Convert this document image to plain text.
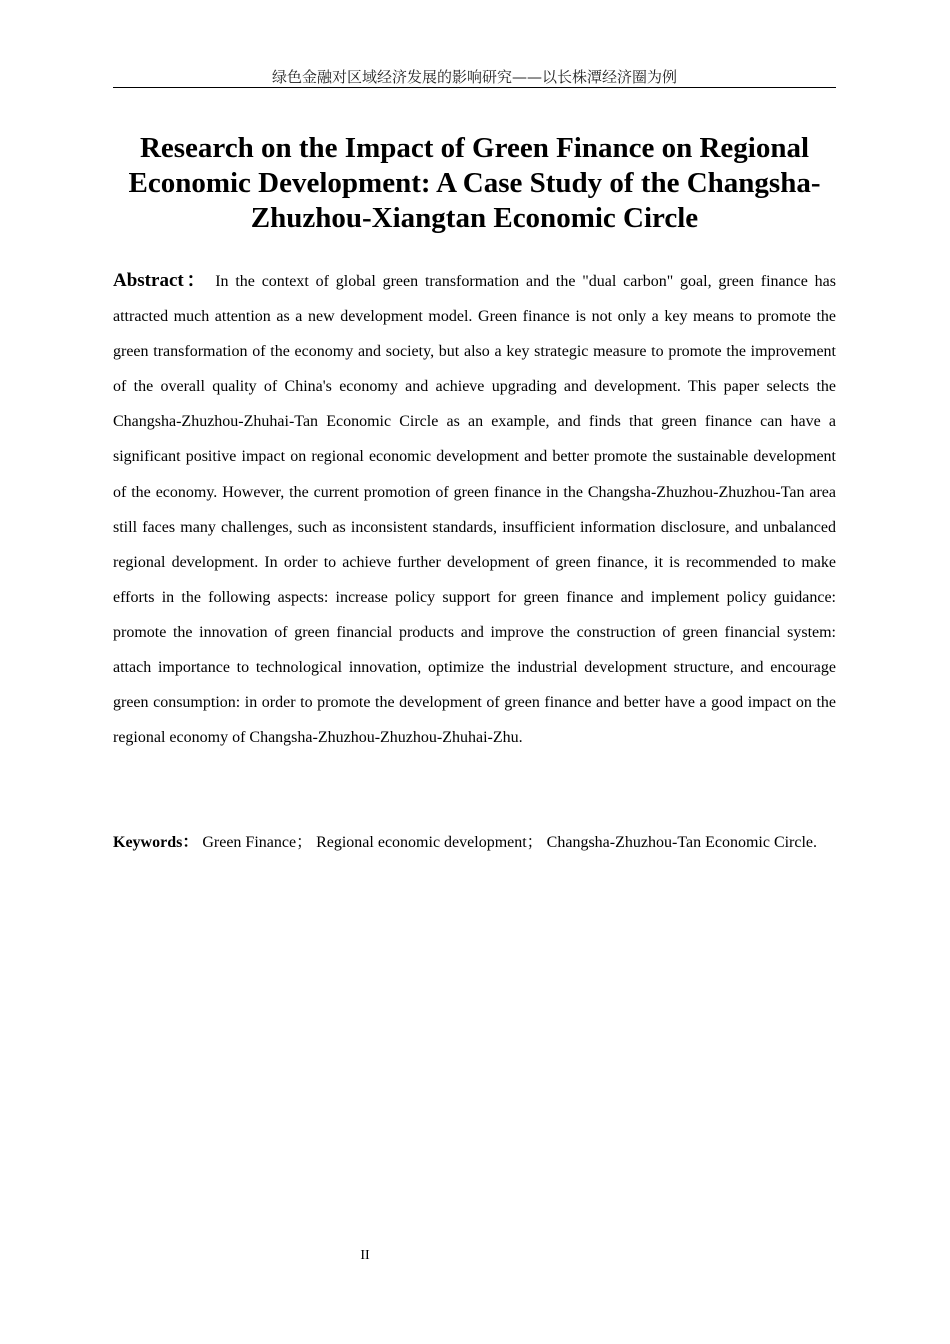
绿色金融对区域经济发展的影响研究——以长株潭经济圈为例
Research on the Impact of Green Finance on Regional Economic Development: A Case Study of the Changsha-Zhuzhou-Xiangtan Economic Circle

Abstract： In the context of global green transformation and the "dual carbon" goal, green finance has attracted much attention as a new development model. Green finance is not only a key means to promote the green transformation of the economy and society, but also a key strategic measure to promote the improvement of the overall quality of China's economy and achieve upgrading and development. This paper selects the Changsha-Zhuzhou-Zhuhai-Tan Economic Circle as an example, and finds that green finance can have a significant positive impact on regional economic development and better promote the sustainable development of the economy. However, the current promotion of green finance in the Changsha-Zhuzhou-Zhuzhou-Tan area still faces many challenges, such as inconsistent standards, insufficient information disclosure, and unbalanced regional development. In order to achieve further development of green finance, it is recommended to make efforts in the following aspects: increase policy support for green finance and implement policy guidance: promote the innovation of green financial products and improve the construction of green financial system: attach importance to technological innovation, optimize the industrial development structure, and encourage green consumption: in order to promote the development of green finance and better have a good impact on the regional economy of Changsha-Zhuzhou-Zhuzhou-Zhuhai-Zhu.

Keywords： Green Finance； Regional economic development； Changsha-Zhuzhou-Tan Economic Circle.

II
